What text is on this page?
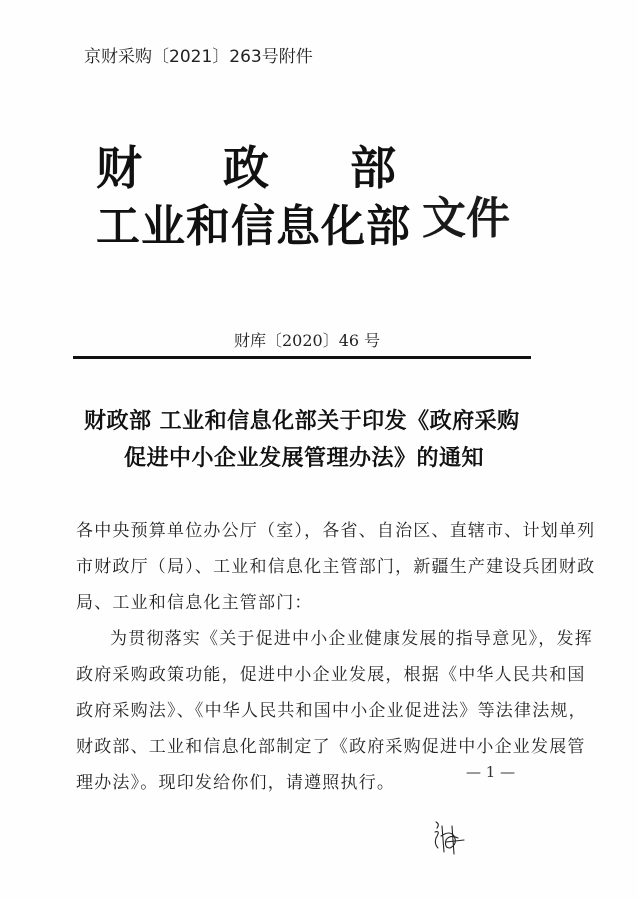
京财采购〔2021〕263号附件
财 政 部
工业和信息化部 文件
财库〔2020〕46 号
财政部 工业和信息化部关于印发《政府采购
促进中小企业发展管理办法》的通知
各中央预算单位办公厅（室），各省、自治区、直辖市、计划单列
市财政厅（局）、工业和信息化主管部门，新疆生产建设兵团财政
局、工业和信息化主管部门：
为贯彻落实《关于促进中小企业健康发展的指导意见》，发挥
政府采购政策功能，促进中小企业发展，根据《中华人民共和国
政府采购法》、《中华人民共和国中小企业促进法》等法律法规，
财政部、工业和信息化部制定了《政府采购促进中小企业发展管
理办法》。现印发给你们，请遵照执行。
— 1 —
